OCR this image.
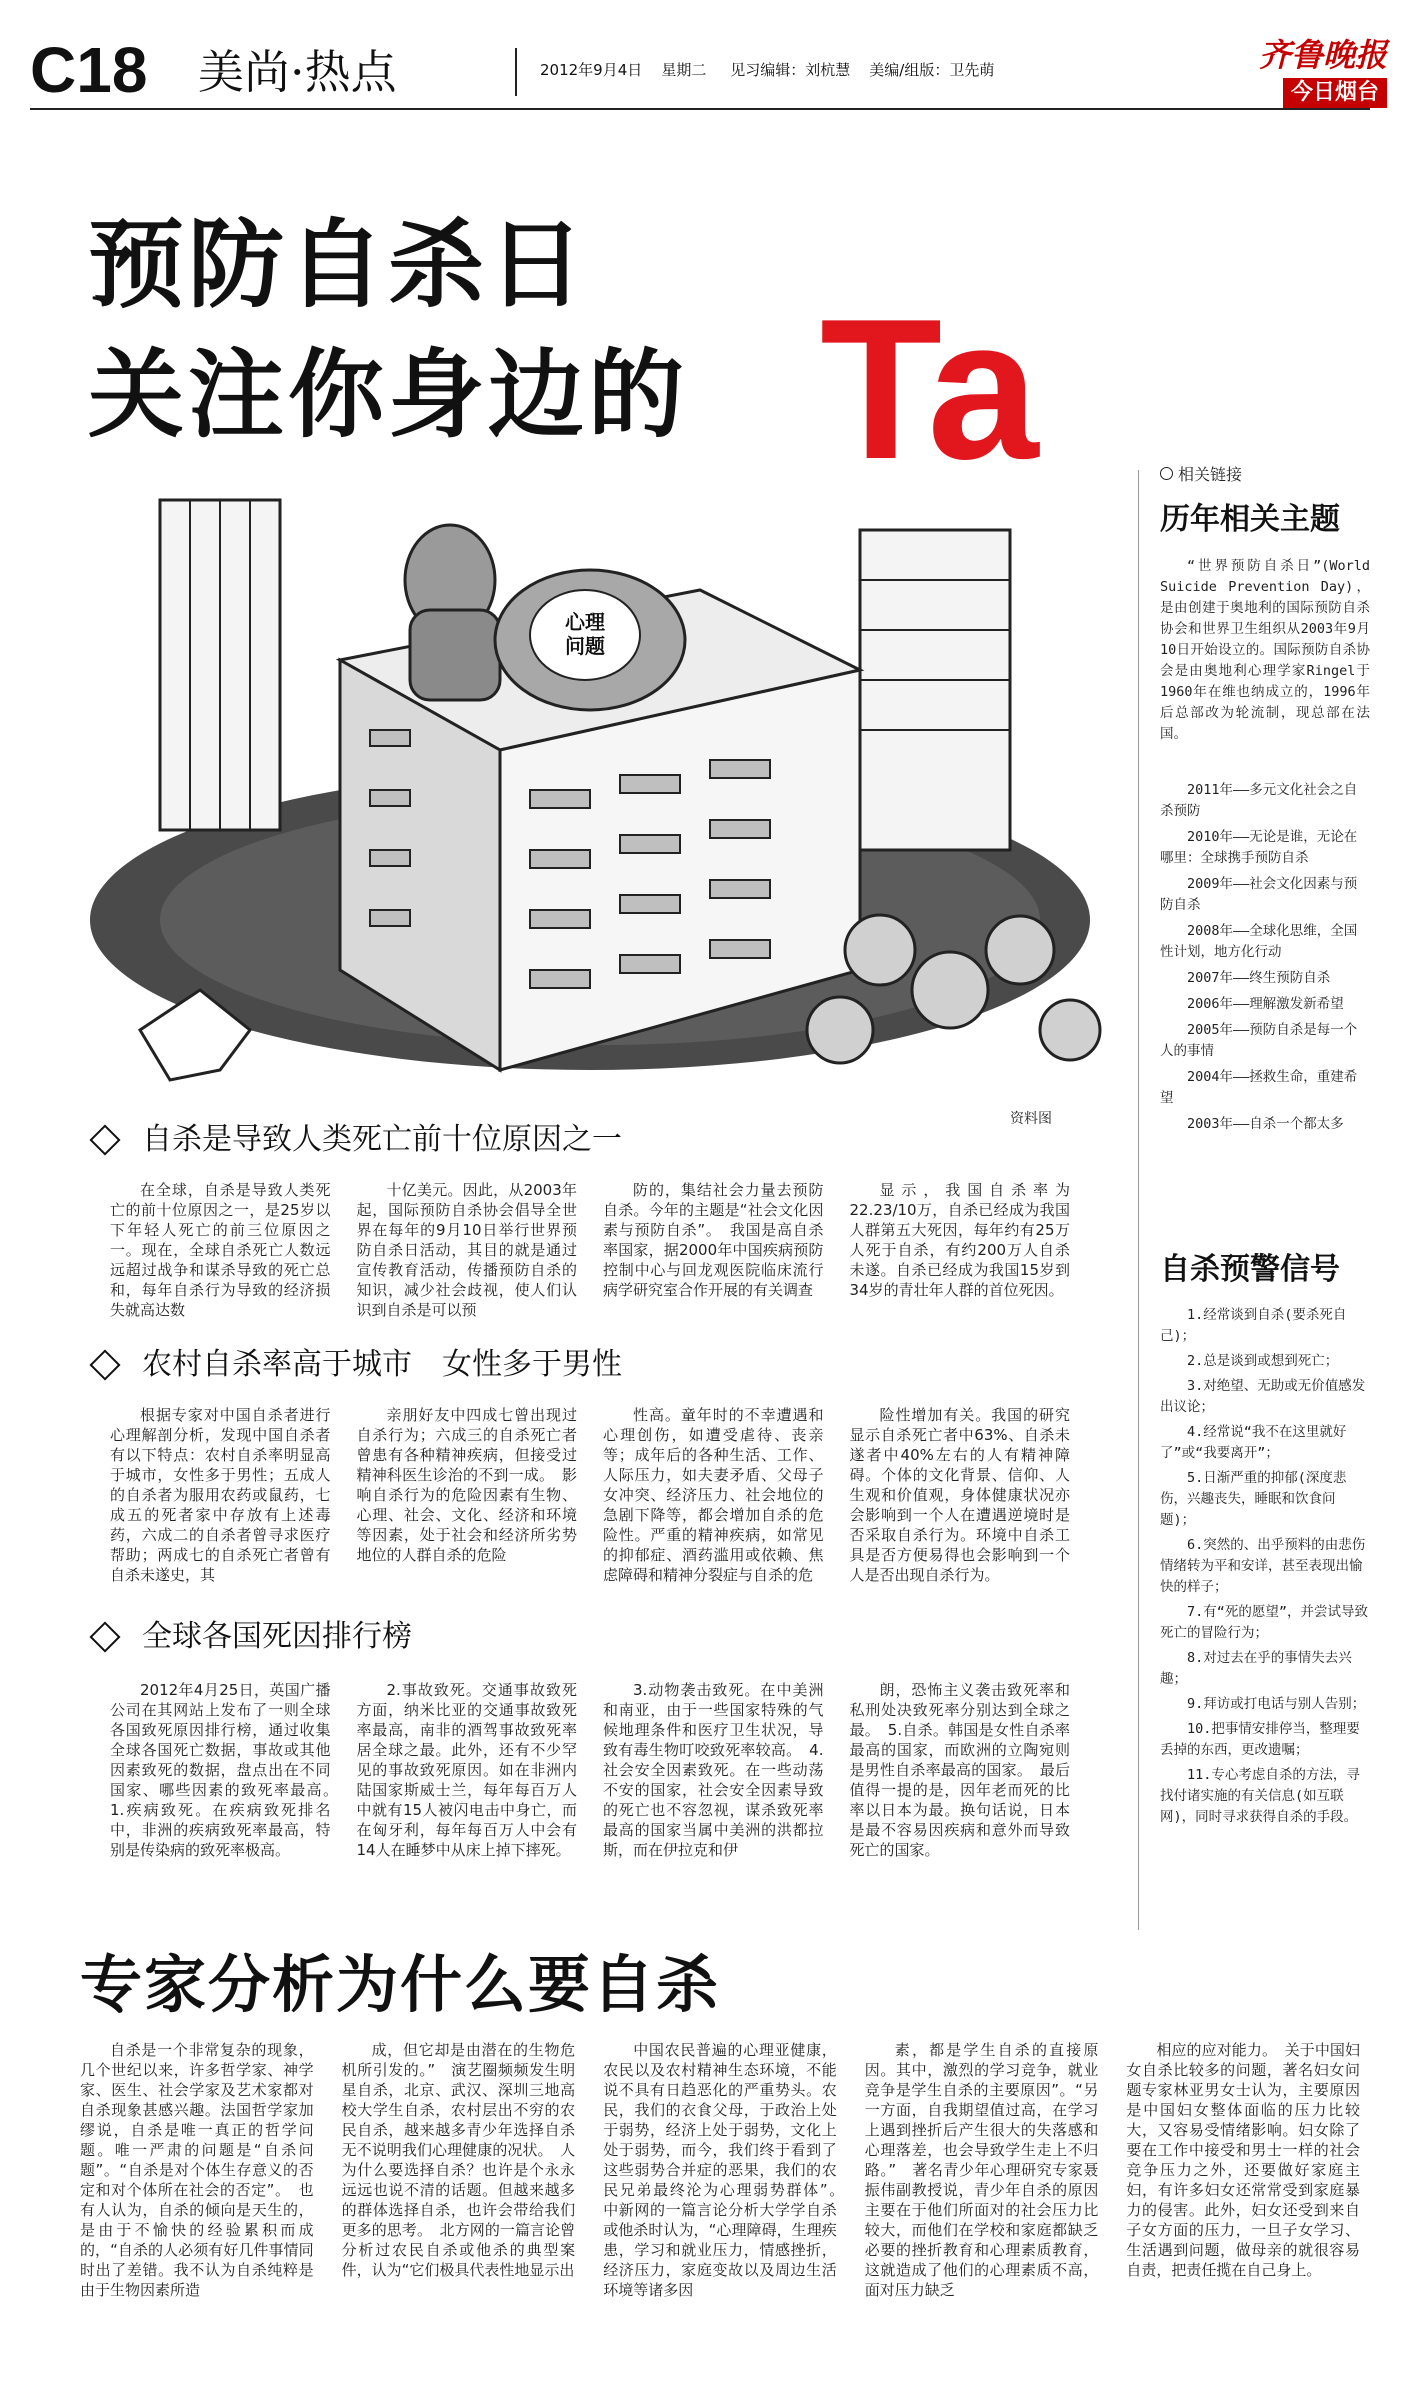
C18 美尚·热点	2012年9月4日 星期二 见习编辑：刘杭慧 美编/组版：卫先萌	齐鲁晚报
今日烟台
预防自杀日
关注你身边的 Ta
心理问题
资料图
自杀是导致人类死亡前十位原因之一

在全球，自杀是导致人类死亡的前十位原因之一，是25岁以下年轻人死亡的前三位原因之一。现在，全球自杀死亡人数远远超过战争和谋杀导致的死亡总和，每年自杀行为导致的经济损失就高达数

十亿美元。因此，从2003年起，国际预防自杀协会倡导全世界在每年的9月10日举行世界预防自杀日活动，其目的就是通过宣传教育活动，传播预防自杀的知识，减少社会歧视，使人们认识到自杀是可以预

防的，集结社会力量去预防自杀。今年的主题是“社会文化因素与预防自杀”。　我国是高自杀率国家，据2000年中国疾病预防控制中心与回龙观医院临床流行病学研究室合作开展的有关调查

显示，我国自杀率为22.23/10万，自杀已经成为我国人群第五大死因，每年约有25万人死于自杀，有约200万人自杀未遂。自杀已经成为我国15岁到34岁的青壮年人群的首位死因。

农村自杀率高于城市　女性多于男性

根据专家对中国自杀者进行心理解剖分析，发现中国自杀者有以下特点：农村自杀率明显高于城市，女性多于男性；五成人的自杀者为服用农药或鼠药，七成五的死者家中存放有上述毒药，六成二的自杀者曾寻求医疗帮助；两成七的自杀死亡者曾有自杀未遂史，其

亲朋好友中四成七曾出现过自杀行为；六成三的自杀死亡者曾患有各种精神疾病，但接受过精神科医生诊治的不到一成。　影响自杀行为的危险因素有生物、心理、社会、文化、经济和环境等因素，处于社会和经济所劣势地位的人群自杀的危险

性高。童年时的不幸遭遇和心理创伤，如遭受虐待、丧亲等；成年后的各种生活、工作、人际压力，如夫妻矛盾、父母子女冲突、经济压力、社会地位的急剧下降等，都会增加自杀的危险性。严重的精神疾病，如常见的抑郁症、酒药滥用或依赖、焦虑障碍和精神分裂症与自杀的危

险性增加有关。我国的研究显示自杀死亡者中63%、自杀未遂者中40%左右的人有精神障碍。个体的文化背景、信仰、人生观和价值观，身体健康状况亦会影响到一个人在遭遇逆境时是否采取自杀行为。环境中自杀工具是否方便易得也会影响到一个人是否出现自杀行为。

全球各国死因排行榜

2012年4月25日，英国广播公司在其网站上发布了一则全球各国致死原因排行榜，通过收集全球各国死亡数据，事故或其他因素致死的数据，盘点出在不同国家、哪些因素的致死率最高。　1.疾病致死。在疾病致死排名中，非洲的疾病致死率最高，特别是传染病的致死率极高。

2.事故致死。交通事故致死方面，纳米比亚的交通事故致死率最高，南非的酒驾事故致死率居全球之最。此外，还有不少罕见的事故致死原因。如在非洲内陆国家斯威士兰，每年每百万人中就有15人被闪电击中身亡，而在匈牙利，每年每百万人中会有14人在睡梦中从床上掉下摔死。

3.动物袭击致死。在中美洲和南亚，由于一些国家特殊的气候地理条件和医疗卫生状况，导致有毒生物叮咬致死率较高。　4.社会安全因素致死。在一些动荡不安的国家，社会安全因素导致的死亡也不容忽视，谋杀致死率最高的国家当属中美洲的洪都拉斯，而在伊拉克和伊

朗，恐怖主义袭击致死率和私刑处决致死率分别达到全球之最。　5.自杀。韩国是女性自杀率最高的国家，而欧洲的立陶宛则是男性自杀率最高的国家。　最后值得一提的是，因年老而死的比率以日本为最。换句话说，日本是最不容易因疾病和意外而导致死亡的国家。

专家分析为什么要自杀

自杀是一个非常复杂的现象，几个世纪以来，许多哲学家、神学家、医生、社会学家及艺术家都对自杀现象甚感兴趣。法国哲学家加缪说，自杀是唯一真正的哲学问题。唯一严肃的问题是“自杀问题”。“自杀是对个体生存意义的否定和对个体所在社会的否定”。　也有人认为，自杀的倾向是天生的，是由于不愉快的经验累积而成的，“自杀的人必须有好几件事情同时出了差错。我不认为自杀纯粹是由于生物因素所造

成，但它却是由潜在的生物危机所引发的。”　演艺圈频频发生明星自杀，北京、武汉、深圳三地高校大学生自杀，农村层出不穷的农民自杀，越来越多青少年选择自杀无不说明我们心理健康的况状。　人为什么要选择自杀？也许是个永永远远也说不清的话题。但越来越多的群体选择自杀，也许会带给我们更多的思考。　北方网的一篇言论曾分析过农民自杀或他杀的典型案件，认为“它们极具代表性地显示出

中国农民普遍的心理亚健康，农民以及农村精神生态环境，不能说不具有日趋恶化的严重势头。农民，我们的衣食父母，于政治上处于弱势，经济上处于弱势，文化上处于弱势，而今，我们终于看到了这些弱势合并症的恶果，我们的农民兄弟最终沦为心理弱势群体”。　中新网的一篇言论分析大学学自杀或他杀时认为，“心理障碍，生理疾患，学习和就业压力，情感挫折，经济压力，家庭变故以及周边生活环境等诸多因

素，都是学生自杀的直接原因。其中，激烈的学习竞争，就业竞争是学生自杀的主要原因”。“另一方面，自我期望值过高，在学习上遇到挫折后产生很大的失落感和心理落差，也会导致学生走上不归路。”　著名青少年心理研究专家聂振伟副教授说，青少年自杀的原因主要在于他们所面对的社会压力比较大，而他们在学校和家庭都缺乏必要的挫折教育和心理素质教育，这就造成了他们的心理素质不高，面对压力缺乏

相应的应对能力。　关于中国妇女自杀比较多的问题，著名妇女问题专家林亚男女士认为，主要原因是中国妇女整体面临的压力比较大，又容易受情绪影响。妇女除了要在工作中接受和男士一样的社会竞争压力之外，还要做好家庭主妇，有许多妇女还常常受到家庭暴力的侵害。此外，妇女还受到来自子女方面的压力，一旦子女学习、生活遇到问题，做母亲的就很容易自责，把责任揽在自己身上。

相关链接
历年相关主题
“世界预防自杀日”(World Suicide Prevention Day)，是由创建于奥地利的国际预防自杀协会和世界卫生组织从2003年9月10日开始设立的。国际预防自杀协会是由奥地利心理学家Ringel于1960年在维也纳成立的，1996年后总部改为轮流制，现总部在法国。
2011年——多元文化社会之自杀预防
2010年——无论是谁，无论在哪里：全球携手预防自杀
2009年——社会文化因素与预防自杀
2008年——全球化思维，全国性计划，地方化行动
2007年——终生预防自杀
2006年——理解激发新希望
2005年——预防自杀是每一个人的事情
2004年——拯救生命，重建希望
2003年——自杀一个都太多
自杀预警信号
1.经常谈到自杀(要杀死自己)；
2.总是谈到或想到死亡；
3.对绝望、无助或无价值感发出议论；
4.经常说“我不在这里就好了”或“我要离开”；
5.日渐严重的抑郁(深度悲伤，兴趣丧失，睡眠和饮食问题)；
6.突然的、出乎预料的由悲伤情绪转为平和安详，甚至表现出愉快的样子；
7.有“死的愿望”，并尝试导致死亡的冒险行为；
8.对过去在乎的事情失去兴趣；
9.拜访或打电话与别人告别；
10.把事情安排停当，整理要丢掉的东西，更改遗嘱；
11.专心考虑自杀的方法，寻找付诸实施的有关信息(如互联网)，同时寻求获得自杀的手段。
